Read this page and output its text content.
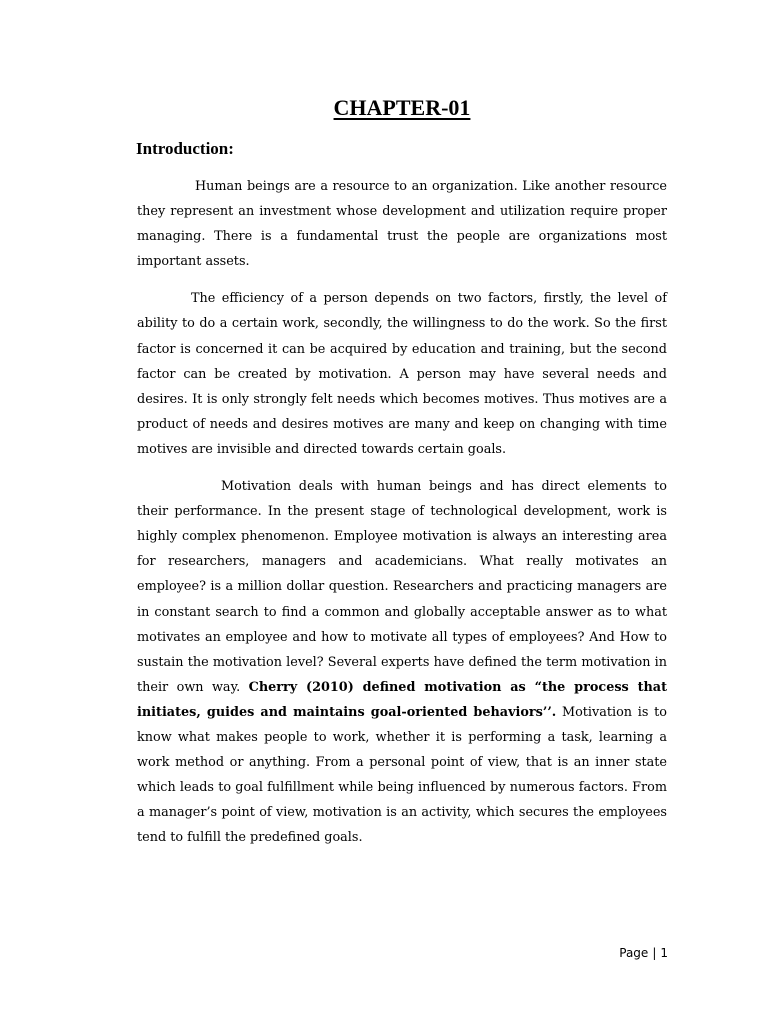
CHAPTER-01
Introduction:

Human beings are a resource to an organization. Like another resource they represent an investment whose development and utilization require proper managing. There is a fundamental trust the people are organizations most important assets.

The efficiency of a person depends on two factors, firstly, the level of ability to do a certain work, secondly, the willingness to do the work. So the first factor is concerned it can be acquired by education and training, but the second factor can be created by motivation. A person may have several needs and desires. It is only strongly felt needs which becomes motives. Thus motives are a product of needs and desires motives are many and keep on changing with time motives are invisible and directed towards certain goals.

Motivation deals with human beings and has direct elements to their performance. In the present stage of technological development, work is highly complex phenomenon. Employee motivation is always an interesting area for researchers, managers and academicians. What really motivates an employee? is a million dollar question. Researchers and practicing managers are in constant search to find a common and globally acceptable answer as to what motivates an employee and how to motivate all types of employees? And How to sustain the motivation level? Several experts have defined the term motivation in their own way. Cherry (2010) defined motivation as “the process that initiates, guides and maintains goal-oriented behaviors’’. Motivation is to know what makes people to work, whether it is performing a task, learning a work method or anything. From a personal point of view, that is an inner state which leads to goal fulfillment while being influenced by numerous factors. From a manager’s point of view, motivation is an activity, which secures the employees tend to fulfill the predefined goals.

Page | 1
